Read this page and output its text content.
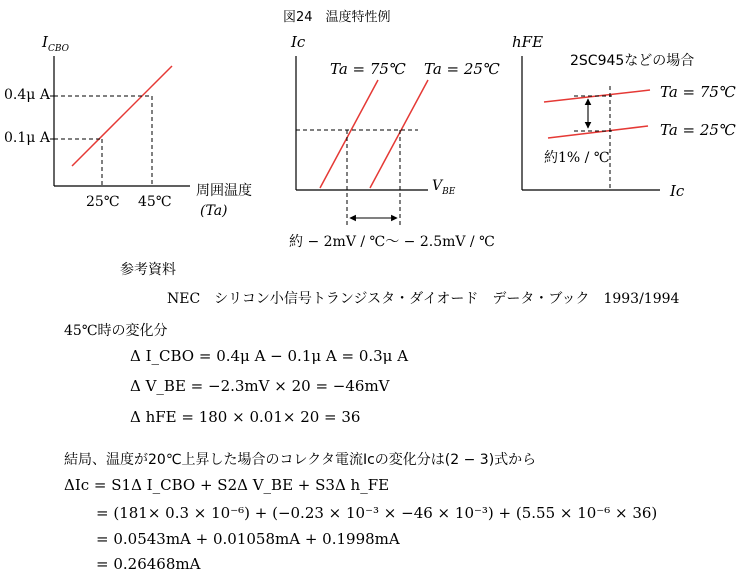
図24　温度特性例
$I_{CBO}$
0.4μ A
0.1μ A
25℃ 45℃
周囲温度
(Ta)
Ic
Ta = 75℃ Ta = 25℃
$V_{BE}$
約 − 2mV / ℃〜 − 2.5mV / ℃
hFE
2SC945などの場合
Ta = 75℃
Ta = 25℃
約1% / ℃
Ic
参考資料
NEC　シリコン小信号トランジスタ・ダイオード　データ・ブック　1993/1994
45℃時の変化分
Δ I_CBO = 0.4μ A − 0.1μ A = 0.3μ A
Δ V_BE = −2.3mV × 20 = −46mV
Δ hFE = 180 × 0.01× 20 = 36
結局、温度が20℃上昇した場合のコレクタ電流Icの変化分は(2 − 3)式から
ΔIc = S1Δ I_CBO + S2Δ V_BE + S3Δ h_FE
= (181× 0.3 × 10⁻⁶) + (−0.23 × 10⁻³ × −46 × 10⁻³) + (5.55 × 10⁻⁶ × 36)
= 0.0543mA + 0.01058mA + 0.1998mA
= 0.26468mA
